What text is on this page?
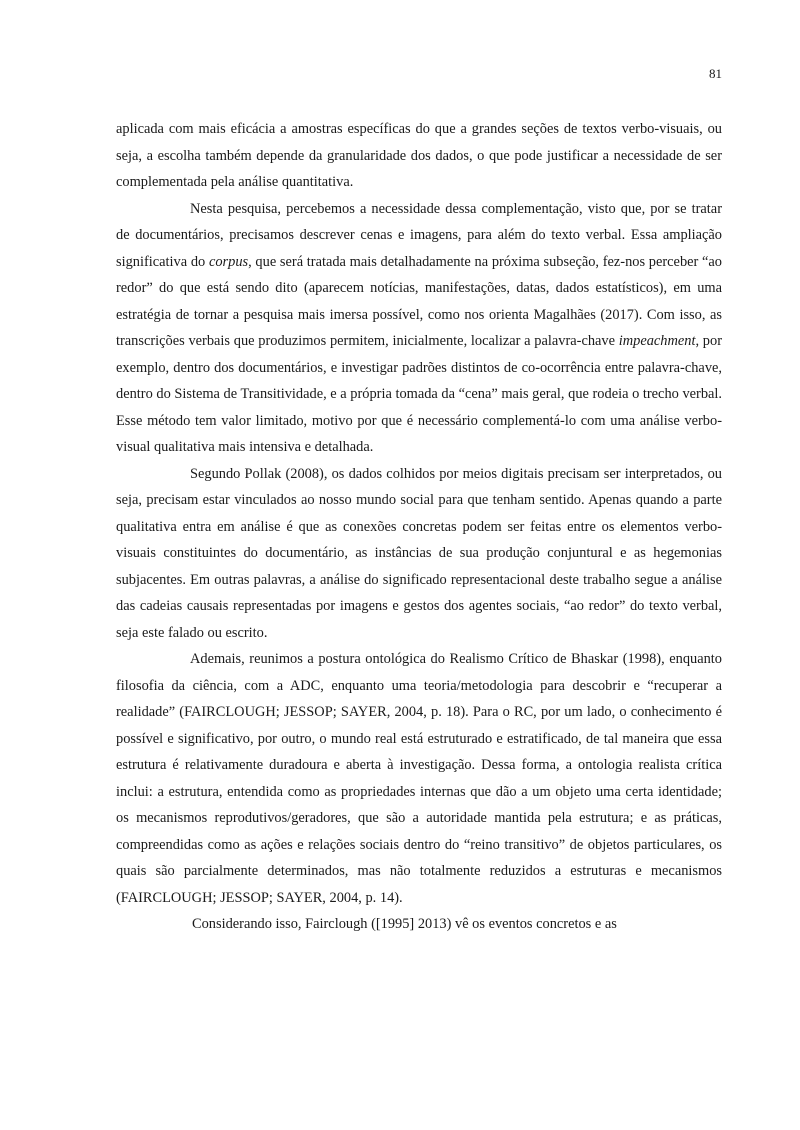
81

aplicada com mais eficácia a amostras específicas do que a grandes seções de textos verbo-visuais, ou seja, a escolha também depende da granularidade dos dados, o que pode justificar a necessidade de ser complementada pela análise quantitativa.

Nesta pesquisa, percebemos a necessidade dessa complementação, visto que, por se tratar de documentários, precisamos descrever cenas e imagens, para além do texto verbal. Essa ampliação significativa do corpus, que será tratada mais detalhadamente na próxima subseção, fez-nos perceber “ao redor” do que está sendo dito (aparecem notícias, manifestações, datas, dados estatísticos), em uma estratégia de tornar a pesquisa mais imersa possível, como nos orienta Magalhães (2017). Com isso, as transcrições verbais que produzimos permitem, inicialmente, localizar a palavra-chave impeachment, por exemplo, dentro dos documentários, e investigar padrões distintos de co-ocorrência entre palavra-chave, dentro do Sistema de Transitividade, e a própria tomada da “cena” mais geral, que rodeia o trecho verbal. Esse método tem valor limitado, motivo por que é necessário complementá-lo com uma análise verbo-visual qualitativa mais intensiva e detalhada.

Segundo Pollak (2008), os dados colhidos por meios digitais precisam ser interpretados, ou seja, precisam estar vinculados ao nosso mundo social para que tenham sentido. Apenas quando a parte qualitativa entra em análise é que as conexões concretas podem ser feitas entre os elementos verbo-visuais constituintes do documentário, as instâncias de sua produção conjuntural e as hegemonias subjacentes. Em outras palavras, a análise do significado representacional deste trabalho segue a análise das cadeias causais representadas por imagens e gestos dos agentes sociais, “ao redor” do texto verbal, seja este falado ou escrito.

Ademais, reunimos a postura ontológica do Realismo Crítico de Bhaskar (1998), enquanto filosofia da ciência, com a ADC, enquanto uma teoria/metodologia para descobrir e “recuperar a realidade” (FAIRCLOUGH; JESSOP; SAYER, 2004, p. 18). Para o RC, por um lado, o conhecimento é possível e significativo, por outro, o mundo real está estruturado e estratificado, de tal maneira que essa estrutura é relativamente duradoura e aberta à investigação. Dessa forma, a ontologia realista crítica inclui: a estrutura, entendida como as propriedades internas que dão a um objeto uma certa identidade; os mecanismos reprodutivos/geradores, que são a autoridade mantida pela estrutura; e as práticas, compreendidas como as ações e relações sociais dentro do “reino transitivo” de objetos particulares, os quais são parcialmente determinados, mas não totalmente reduzidos a estruturas e mecanismos (FAIRCLOUGH; JESSOP; SAYER, 2004, p. 14).

Considerando isso, Fairclough ([1995] 2013) vê os eventos concretos e as
